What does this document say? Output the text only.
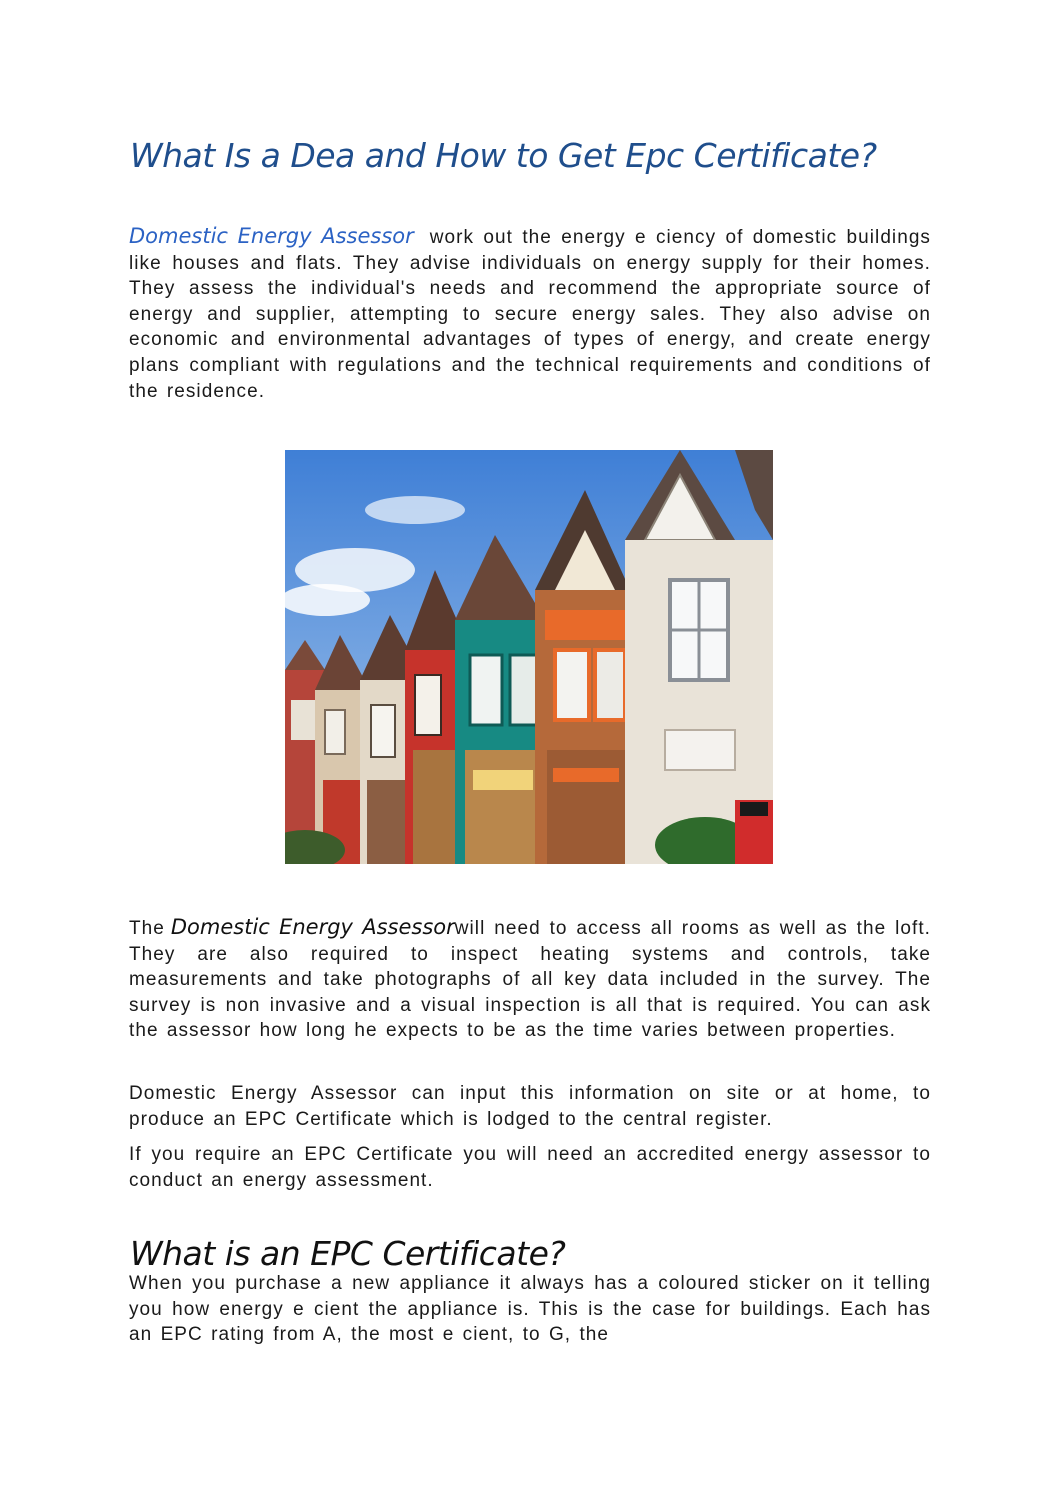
What Is a Dea and How to Get Epc Certificate?

Domestic Energy Assessor work out the energy e ciency of domestic buildings like houses and flats. They advise individuals on energy supply for their homes. They assess the individual's needs and recommend the appropriate source of energy and supplier, attempting to secure energy sales. They also advise on economic and environmental advantages of types of energy, and create energy plans compliant with regulations and the technical requirements and conditions of the residence.

The Domestic Energy Assessorwill need to access all rooms as well as the loft. They are also required to inspect heating systems and controls, take measurements and take photographs of all key data included in the survey. The survey is non invasive and a visual inspection is all that is required. You can ask the assessor how long he expects to be as the time varies between properties.

Domestic Energy Assessor can input this information on site or at home, to produce an EPC Certificate which is lodged to the central register.

If you require an EPC Certificate you will need an accredited energy assessor to conduct an energy assessment.

What is an EPC Certificate?

When you purchase a new appliance it always has a coloured sticker on it telling you how energy e cient the appliance is. This is the case for buildings. Each has an EPC rating from A, the most e cient, to G, the
